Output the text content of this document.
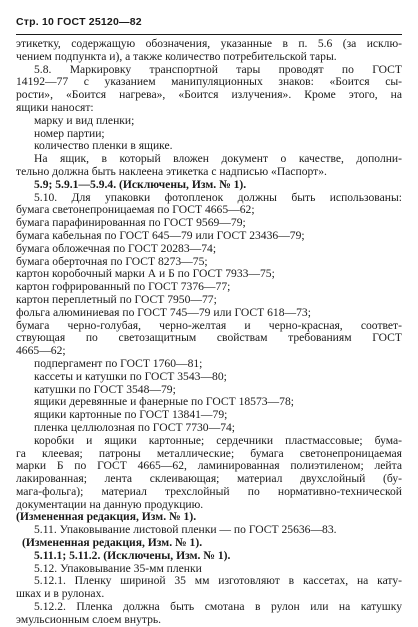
Стр. 10 ГОСТ 25120—82
этикетку, содержащую обозначения, указанные в п. 5.6 (за исклю-
чением подпункта и), а также количество потребительской тары.
5.8. Маркировку транспортной тары проводят по ГОСТ
14192—77 с указанием манипуляционных знаков: «Боится сы-
рости», «Боится нагрева», «Боится излучения». Кроме этого, на
ящики наносят:
марку и вид пленки;
номер партии;
количество пленки в ящике.
На ящик, в который вложен документ о качестве, дополни-
тельно должна быть наклеена этикетка с надписью «Паспорт».
5.9; 5.9.1—5.9.4. (Исключены, Изм. № 1).
5.10. Для упаковки фотопленок должны быть использованы:
бумага светонепроницаемая по ГОСТ 4665—62;
бумага парафинированная по ГОСТ 9569—79;
бумага кабельная по ГОСТ 645—79 или ГОСТ 23436—79;
бумага обложечная по ГОСТ 20283—74;
бумага оберточная по ГОСТ 8273—75;
картон коробочный марки А и Б по ГОСТ 7933—75;
картон гофрированный по ГОСТ 7376—77;
картон переплетный по ГОСТ 7950—77;
фольга алюминиевая по ГОСТ 745—79 или ГОСТ 618—73;
бумага черно-голубая, черно-желтая и черно-красная, соответ-
ствующая по светозащитным свойствам требованиям ГОСТ
4665—62;
подпергамент по ГОСТ 1760—81;
кассеты и катушки по ГОСТ 3543—80;
катушки по ГОСТ 3548—79;
ящики деревянные и фанерные по ГОСТ 18573—78;
ящики картонные по ГОСТ 13841—79;
пленка целлюлозная по ГОСТ 7730—74;
коробки и ящики картонные; сердечники пластмассовые; бума-
га клеевая; патроны металлические; бумага светонепроницаемая
марки Б по ГОСТ 4665—62, ламинированная полиэтиленом; лейта
лакированная; лента склеивающая; материал двухслойный (бу-
мага-фольга); материал трехслойный по нормативно-технической
документации на данную продукцию.
(Измененная редакция, Изм. № 1).
5.11. Упаковывание листовой пленки — по ГОСТ 25636—83.
(Измененная редакция, Изм. № 1).
5.11.1; 5.11.2. (Исключены, Изм. № 1).
5.12. Упаковывание 35-мм пленки
5.12.1. Пленку шириной 35 мм изготовляют в кассетах, на кату-
шках и в рулонах.
5.12.2. Пленка должна быть смотана в рулон или на катушку
эмульсионным слоем внутрь.
